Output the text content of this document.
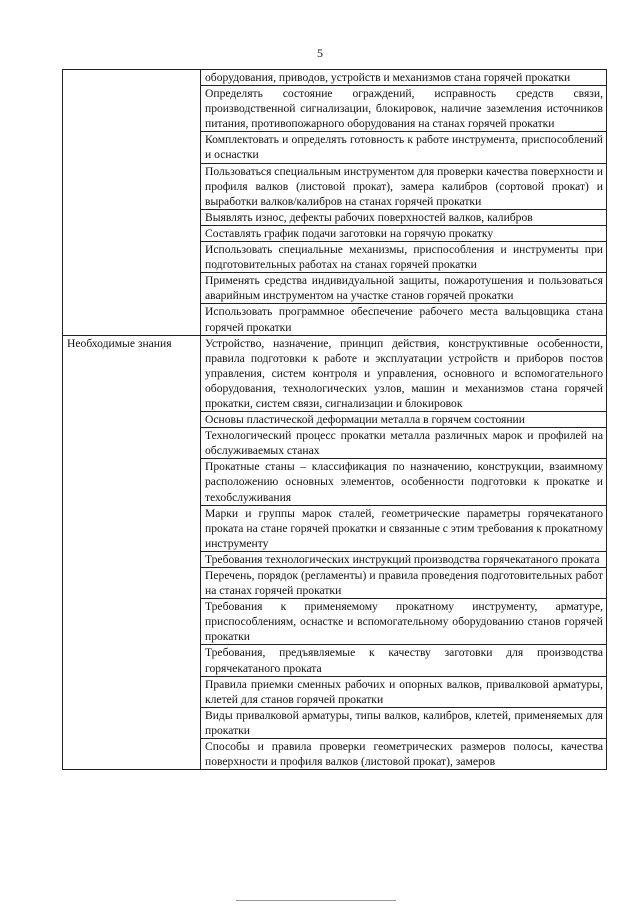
5
	оборудования, приводов, устройств и механизмов стана горячей прокатки
	Определять состояние ограждений, исправность средств связи, производственной сигнализации, блокировок, наличие заземления источников питания, противопожарного оборудования на станах горячей прокатки
	Комплектовать и определять готовность к работе инструмента, приспособлений и оснастки
	Пользоваться специальным инструментом для проверки качества поверхности и профиля валков (листовой прокат), замера калибров (сортовой прокат) и выработки валков/калибров на станах горячей прокатки
	Выявлять износ, дефекты рабочих поверхностей валков, калибров
	Составлять график подачи заготовки на горячую прокатку
	Использовать специальные механизмы, приспособления и инструменты при подготовительных работах на станах горячей прокатки
	Применять средства индивидуальной защиты, пожаротушения и пользоваться аварийным инструментом на участке станов горячей прокатки
	Использовать программное обеспечение рабочего места вальцовщика стана горячей прокатки
Необходимые знания	Устройство, назначение, принцип действия, конструктивные особенности, правила подготовки к работе и эксплуатации устройств и приборов постов управления, систем контроля и управления, основного и вспомогательного оборудования, технологических узлов, машин и механизмов стана горячей прокатки, систем связи, сигнализации и блокировок
	Основы пластической деформации металла в горячем состоянии
	Технологический процесс прокатки металла различных марок и профилей на обслуживаемых станах
	Прокатные станы – классификация по назначению, конструкции, взаимному расположению основных элементов, особенности подготовки к прокатке и техобслуживания
	Марки и группы марок сталей, геометрические параметры горячекатаного проката на стане горячей прокатки и связанные с этим требования к прокатному инструменту
	Требования технологических инструкций производства горячекатаного проката
	Перечень, порядок (регламенты) и правила проведения подготовительных работ на станах горячей прокатки
	Требования к применяемому прокатному инструменту, арматуре, приспособлениям, оснастке и вспомогательному оборудованию станов горячей прокатки
	Требования, предъявляемые к качеству заготовки для производства горячекатаного проката
	Правила приемки сменных рабочих и опорных валков, привалковой арматуры, клетей для станов горячей прокатки
	Виды привалковой арматуры, типы валков, калибров, клетей, применяемых для прокатки
	Способы и правила проверки геометрических размеров полосы, качества поверхности и профиля валков (листовой прокат), замеров
